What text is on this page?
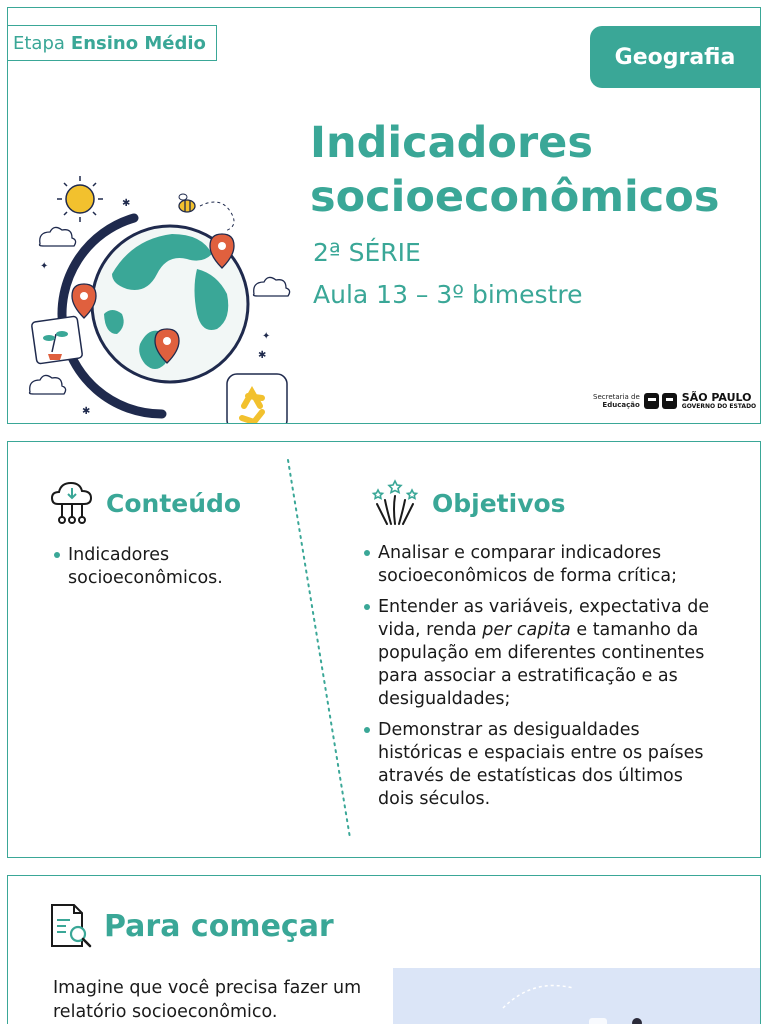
Etapa Ensino Médio
Geografia
Indicadores
socioeconômicos
2ª SÉRIE
Aula 13 – 3º bimestre
✱
✦
✦
✱
✱
Secretaria de
Educação
SÃO PAULO
GOVERNO DO ESTADO
Conteúdo
Indicadores socioeconômicos.
Objetivos
Analisar e comparar indicadores socioeconômicos de forma crítica;
Entender as variáveis, expectativa de vida, renda per capita e tamanho da população em diferentes continentes para associar a estratificação e as desigualdades;
Demonstrar as desigualdades históricas e espaciais entre os países através de estatísticas dos últimos dois séculos.
Para começar
Imagine que você precisa fazer um relatório socioeconômico.
